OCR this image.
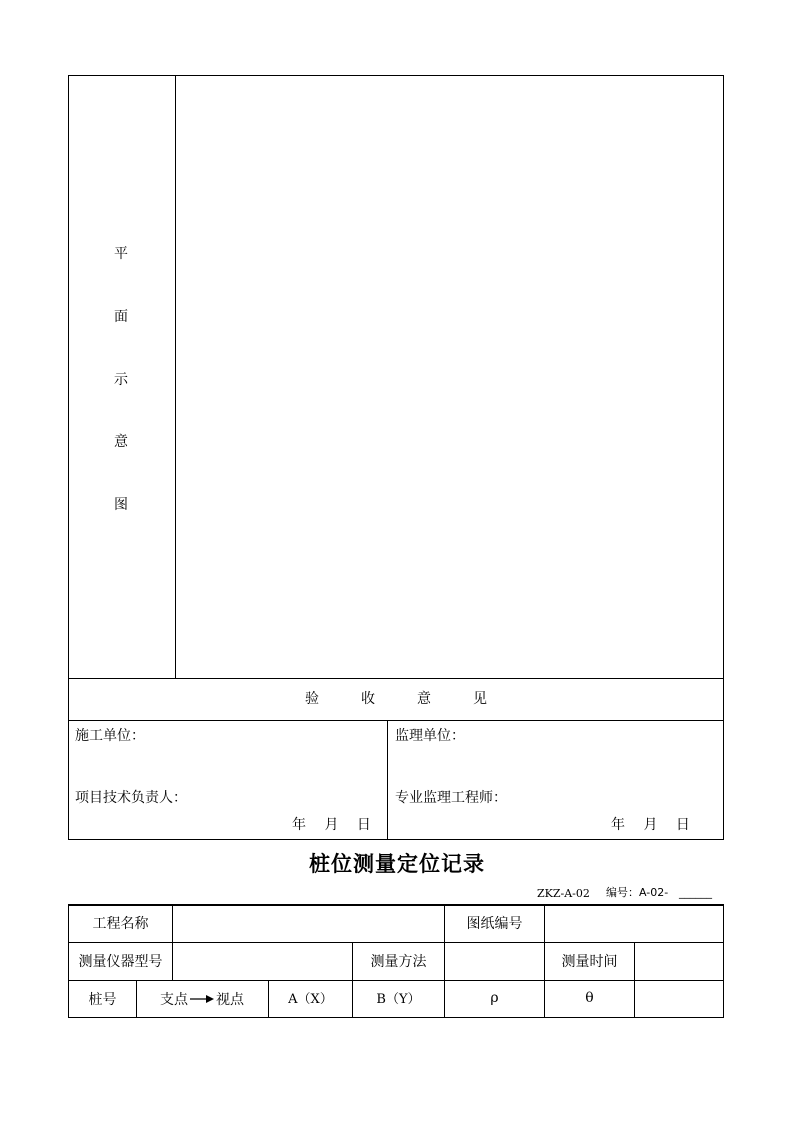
平
面
示
意
图
验　　　收　　　意　　　见
施工单位：
项目技术负责人：
年　 月　 日
监理单位：
专业监理工程师：
年　 月　 日
桩位测量定位记录
ZKZ-A-02 编号：A-02- ______
工程名称	图纸编号
测量仪器型号	测量方法	测量时间
桩号	支点 视点	A（X）	B（Y）	ρ	θ
